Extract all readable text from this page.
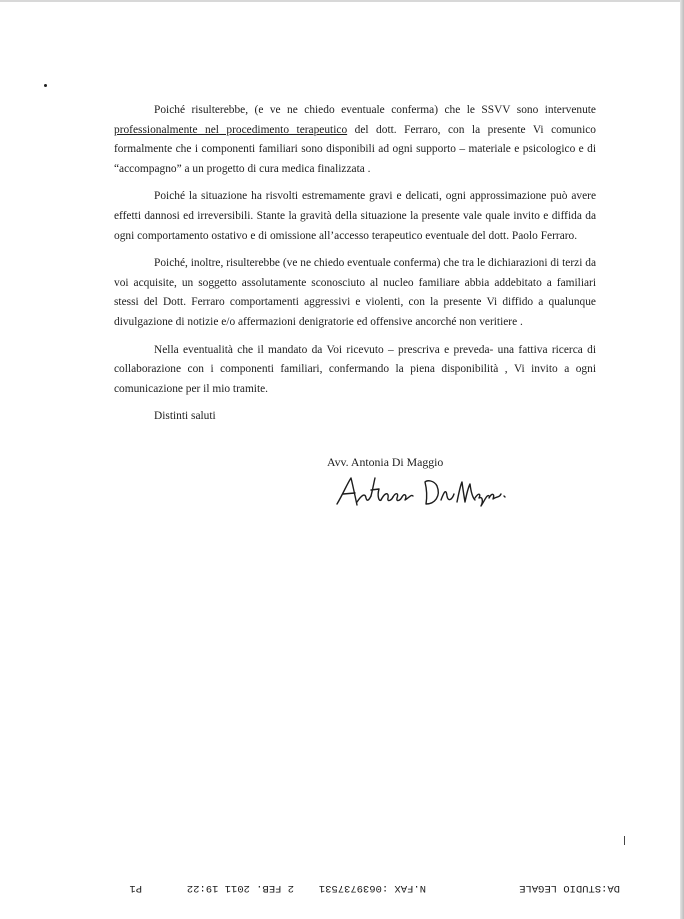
Poiché risulterebbe, (e ve ne chiedo eventuale conferma) che le SSVV sono intervenute professionalmente nel procedimento terapeutico del dott. Ferraro, con la presente Vi comunico formalmente che i componenti familiari sono disponibili ad ogni supporto – materiale e psicologico e di “accompagno” a un progetto di cura medica finalizzata .

Poiché la situazione ha risvolti estremamente gravi e delicati, ogni approssimazione può avere effetti dannosi ed irreversibili. Stante la gravità della situazione la presente vale quale invito e diffida da ogni comportamento ostativo e di omissione all’accesso terapeutico eventuale del dott. Paolo Ferraro.

Poiché, inoltre, risulterebbe (ve ne chiedo eventuale conferma) che tra le dichiarazioni di terzi da voi acquisite, un soggetto assolutamente sconosciuto al nucleo familiare abbia addebitato a familiari stessi del Dott. Ferraro comportamenti aggressivi e violenti, con la presente Vi diffido a qualunque divulgazione di notizie e/o affermazioni denigratorie ed offensive ancorché non veritiere .

Nella eventualità che il mandato da Voi ricevuto – prescriva e preveda- una fattiva ricerca di collaborazione con i componenti familiari, confermando la piena disponibilità , Vi invito a ogni comunicazione per il mio tramite.

Distinti saluti

Avv. Antonia Di Maggio
DA:STUDIO LEGALE
N.FAX :0639737531
2 FEB. 2011 19:22
P1
